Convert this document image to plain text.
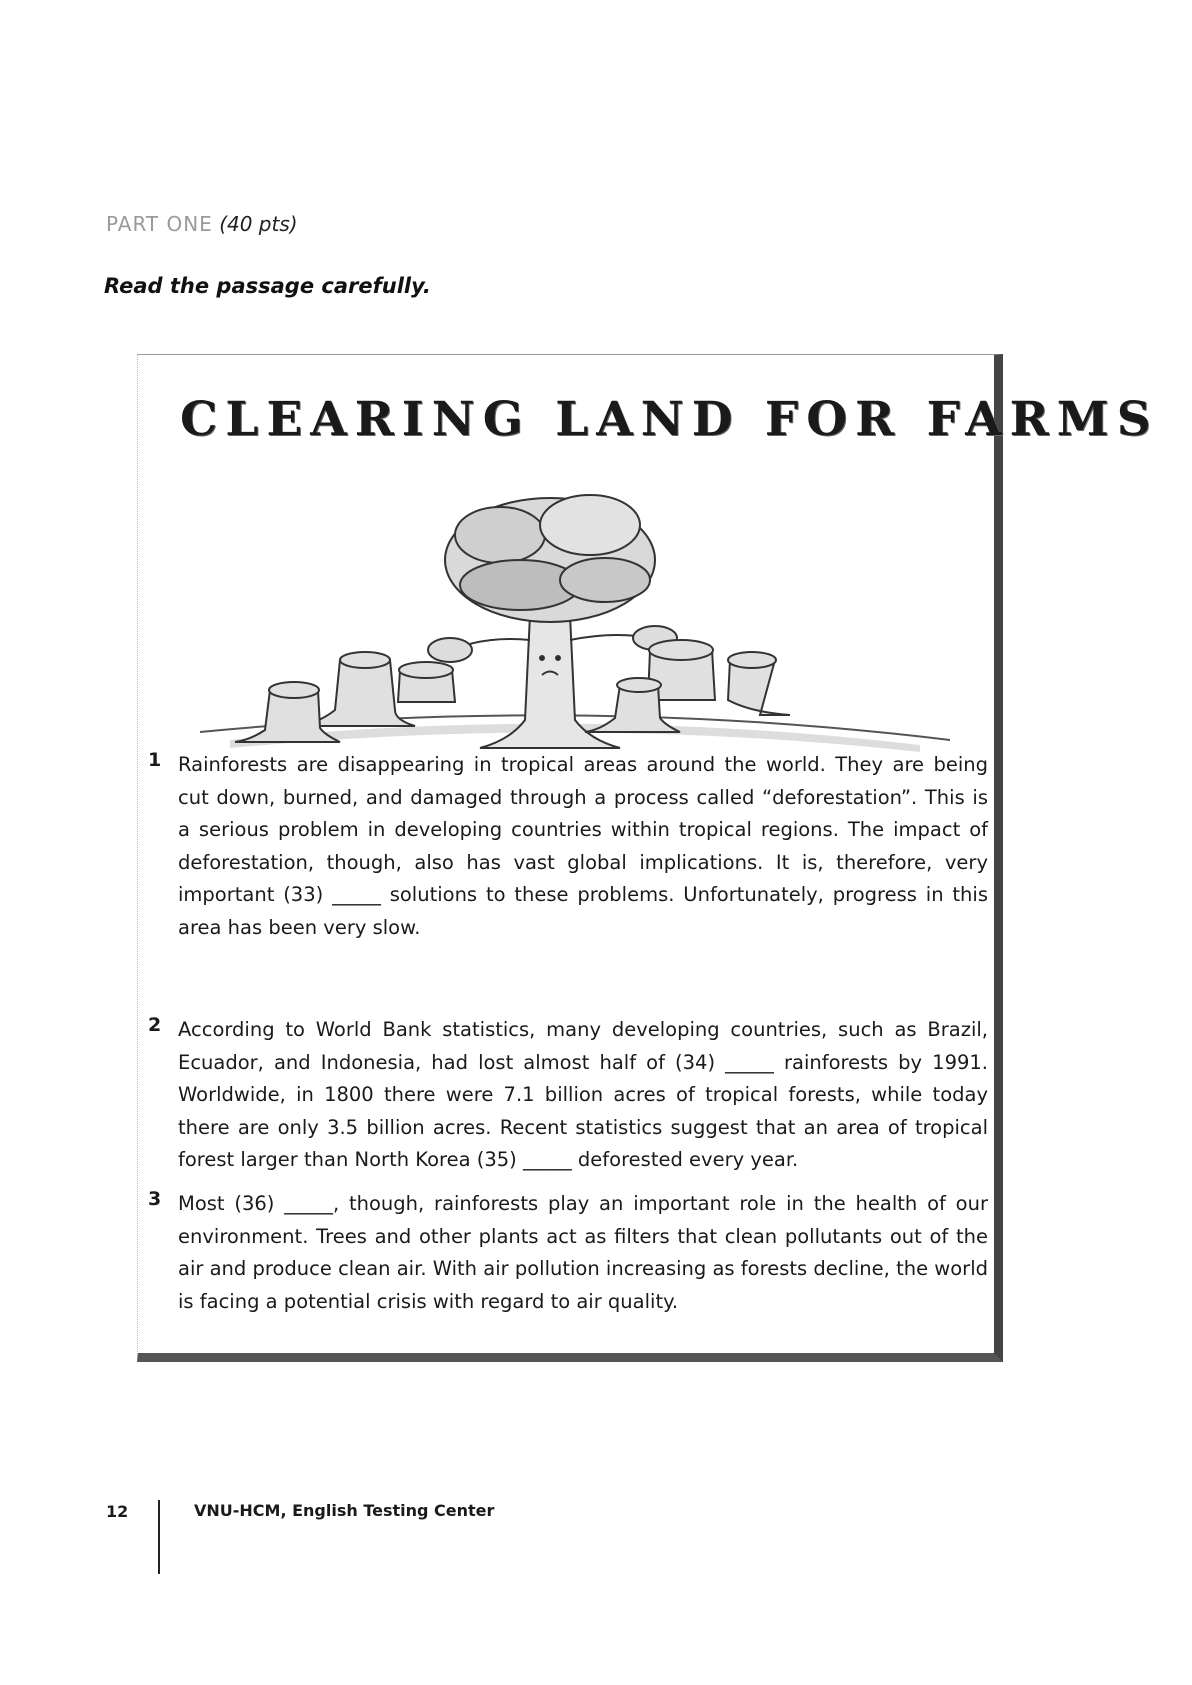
PART ONE (40 pts)
Read the passage carefully.
CLEARING LAND FOR FARMS
1 Rainforests are disappearing in tropical areas around the world. They are being cut down, burned, and damaged through a process called “deforestation”. This is a serious problem in developing countries within tropical regions. The impact of deforestation, though, also has vast global implications. It is, therefore, very important (33) _____ solutions to these problems. Unfortunately, progress in this area has been very slow.
2 According to World Bank statistics, many developing countries, such as Brazil, Ecuador, and Indonesia, had lost almost half of (34) _____ rainforests by 1991. Worldwide, in 1800 there were 7.1 billion acres of tropical forests, while today there are only 3.5 billion acres. Recent statistics suggest that an area of tropical forest larger than North Korea (35) _____ deforested every year.
3 Most (36) _____, though, rainforests play an important role in the health of our environment. Trees and other plants act as filters that clean pollutants out of the air and produce clean air. With air pollution increasing as forests decline, the world is facing a potential crisis with regard to air quality.
12	VNU-HCM, English Testing Center
